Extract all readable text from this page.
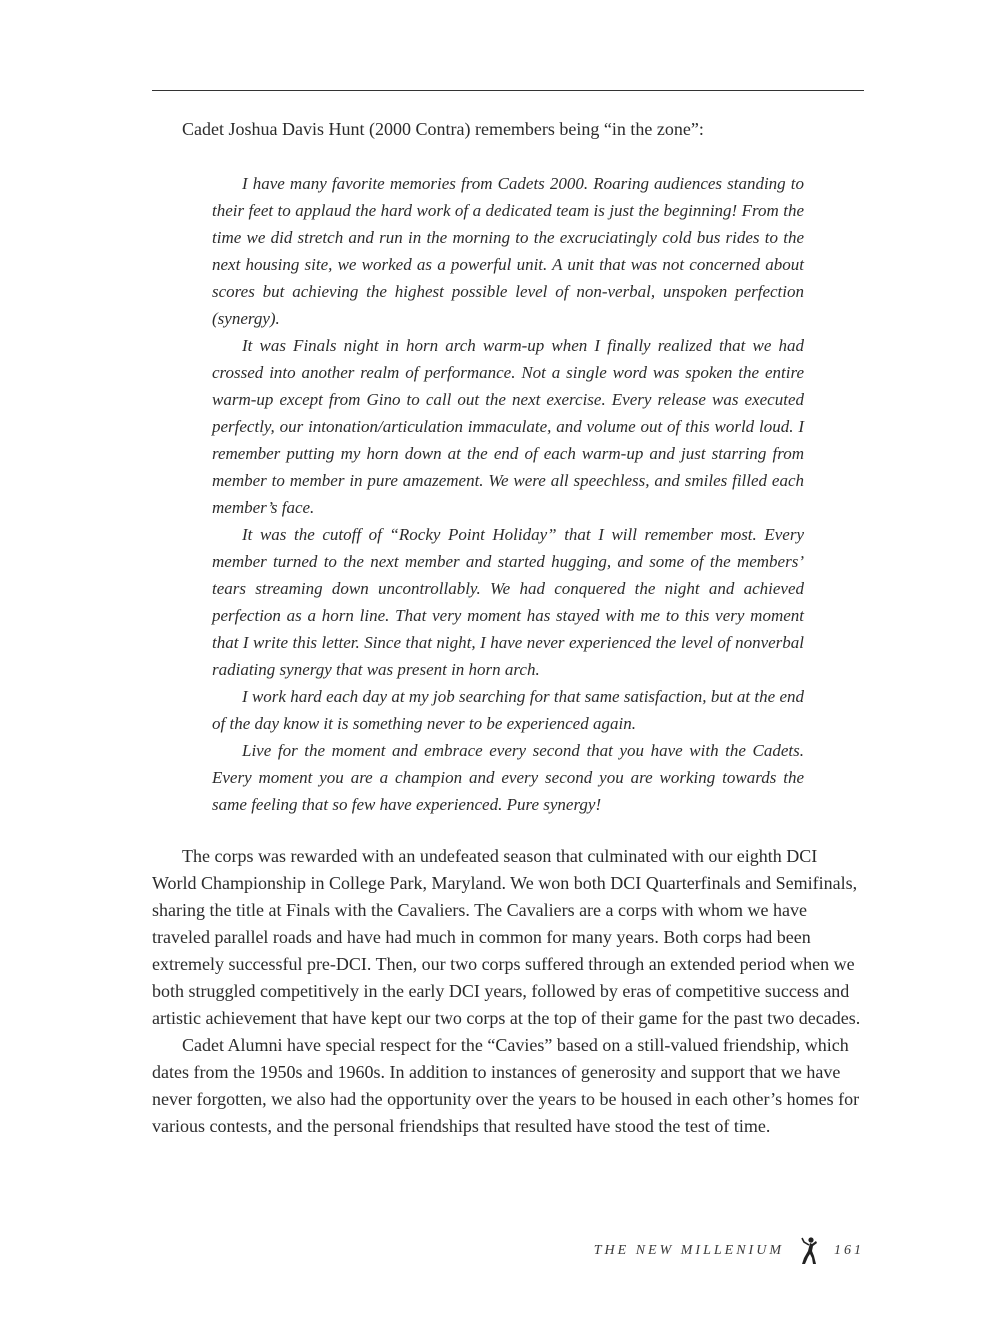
Cadet Joshua Davis Hunt (2000 Contra) remembers being “in the zone”:

I have many favorite memories from Cadets 2000. Roaring audiences standing to their feet to applaud the hard work of a dedicated team is just the beginning! From the time we did stretch and run in the morning to the excruciatingly cold bus rides to the next housing site, we worked as a powerful unit. A unit that was not concerned about scores but achieving the highest possible level of non-verbal, unspoken perfection (synergy).

It was Finals night in horn arch warm-up when I finally realized that we had crossed into another realm of performance. Not a single word was spoken the entire warm-up except from Gino to call out the next exercise. Every release was executed perfectly, our intonation/articulation immaculate, and volume out of this world loud. I remember putting my horn down at the end of each warm-up and just starring from member to member in pure amazement. We were all speechless, and smiles filled each member’s face.

It was the cutoff of “Rocky Point Holiday” that I will remember most. Every member turned to the next member and started hugging, and some of the members’ tears streaming down uncontrollably. We had conquered the night and achieved perfection as a horn line. That very moment has stayed with me to this very moment that I write this letter. Since that night, I have never experienced the level of nonverbal radiating synergy that was present in horn arch.

I work hard each day at my job searching for that same satisfaction, but at the end of the day know it is something never to be experienced again.

Live for the moment and embrace every second that you have with the Cadets. Every moment you are a champion and every second you are working towards the same feeling that so few have experienced. Pure synergy!

The corps was rewarded with an undefeated season that culminated with our eighth DCI World Championship in College Park, Maryland. We won both DCI Quarterfinals and Semifinals, sharing the title at Finals with the Cavaliers. The Cavaliers are a corps with whom we have traveled parallel roads and have had much in common for many years. Both corps had been extremely successful pre-DCI. Then, our two corps suffered through an extended period when we both struggled competitively in the early DCI years, followed by eras of competitive success and artistic achievement that have kept our two corps at the top of their game for the past two decades.

Cadet Alumni have special respect for the “Cavies” based on a still-valued friendship, which dates from the 1950s and 1960s. In addition to instances of generosity and support that we have never forgotten, we also had the opportunity over the years to be housed in each other’s homes for various contests, and the personal friendships that resulted have stood the test of time.

THE NEW MILLENIUM	161
